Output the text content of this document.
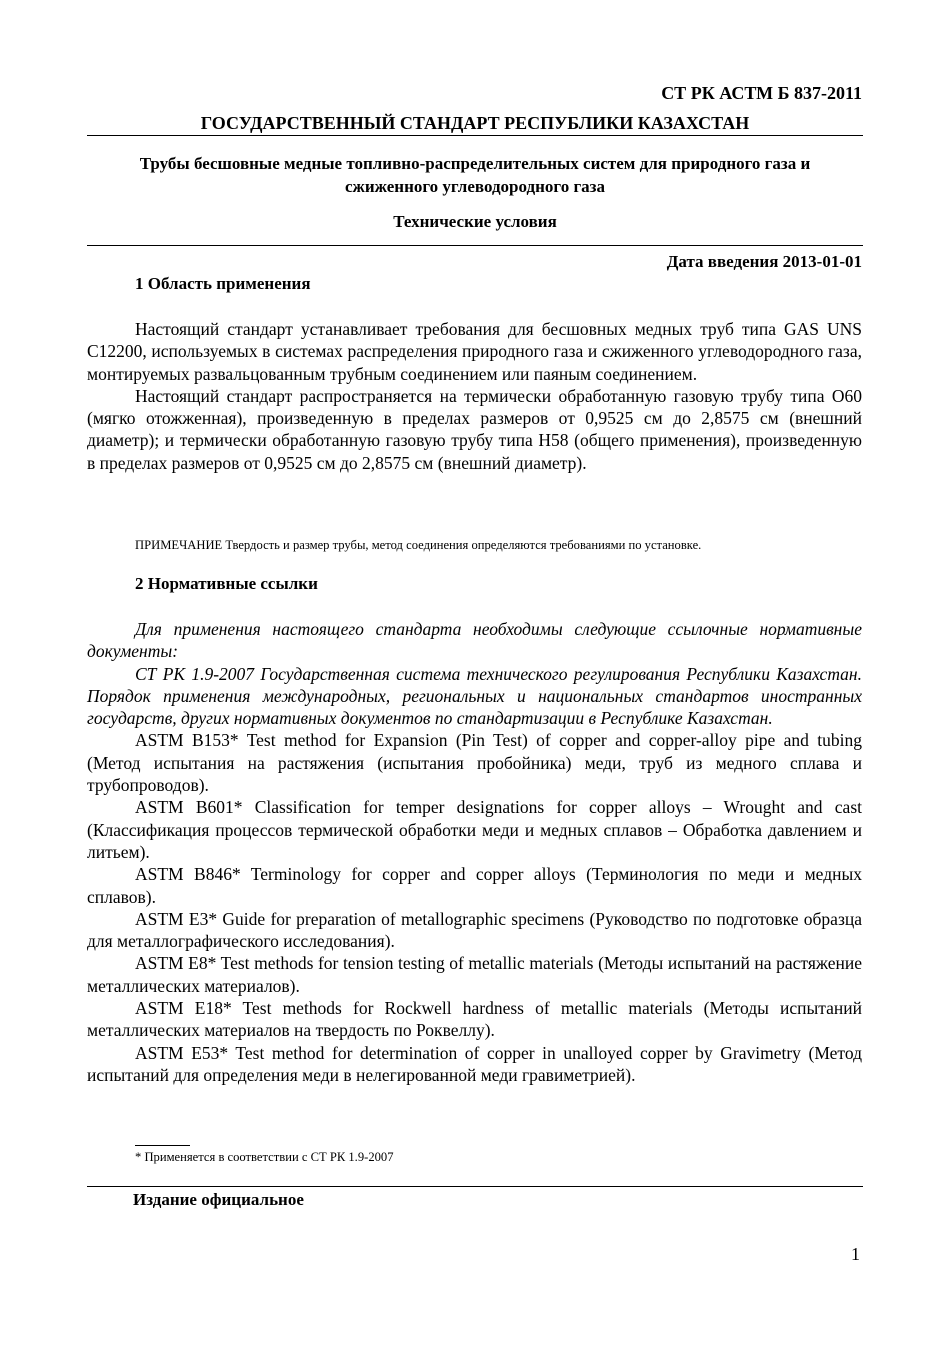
СТ РК АСТМ Б 837-2011
ГОСУДАРСТВЕННЫЙ СТАНДАРТ РЕСПУБЛИКИ КАЗАХСТАН
Трубы бесшовные медные топливно-распределительных систем для природного газа и
сжиженного углеводородного газа
Технические условия
Дата введения 2013-01-01
1 Область применения

Настоящий стандарт устанавливает требования для бесшовных медных труб типа GAS UNS C12200, используемых в системах распределения природного газа и сжиженного углеводородного газа, монтируемых развальцованным трубным соединением или паяным соединением.

Настоящий стандарт распространяется на термически обработанную газовую трубу типа O60 (мягко отожженная), произведенную в пределах размеров от 0,9525 см до 2,8575 см (внешний диаметр); и термически обработанную газовую трубу типа H58 (общего применения), произведенную в пределах размеров от 0,9525 см до 2,8575 см (внешний диаметр).

ПРИМЕЧАНИЕ Твердость и размер трубы, метод соединения определяются требованиями по установке.
2 Нормативные ссылки

Для применения настоящего стандарта необходимы следующие ссылочные нормативные документы:

СТ РК 1.9-2007 Государственная система технического регулирования Республики Казахстан. Порядок применения международных, региональных и национальных стандартов иностранных государств, других нормативных документов по стандартизации в Республике Казахстан.

ASTM B153* Test method for Expansion (Pin Test) of copper and copper-alloy pipe and tubing (Метод испытания на растяжения (испытания пробойника) меди, труб из медного сплава и трубопроводов).

ASTM B601* Classification for temper designations for copper alloys – Wrought and cast (Классификация процессов термической обработки меди и медных сплавов – Обработка давлением и литьем).

ASTM B846* Terminology for copper and copper alloys (Терминология по меди и медных сплавов).

ASTM E3* Guide for preparation of metallographic specimens (Руководство по подготовке образца для металлографического исследования).

ASTM E8* Test methods for tension testing of metallic materials (Методы испытаний на растяжение металлических материалов).

ASTM E18* Test methods for Rockwell hardness of metallic materials (Методы испытаний металлических материалов на твердость по Роквеллу).

ASTM E53* Test method for determination of copper in unalloyed copper by Gravimetry (Метод испытаний для определения меди в нелегированной меди гравиметрией).

* Применяется в соответствии с СТ РК 1.9-2007
Издание официальное
1
